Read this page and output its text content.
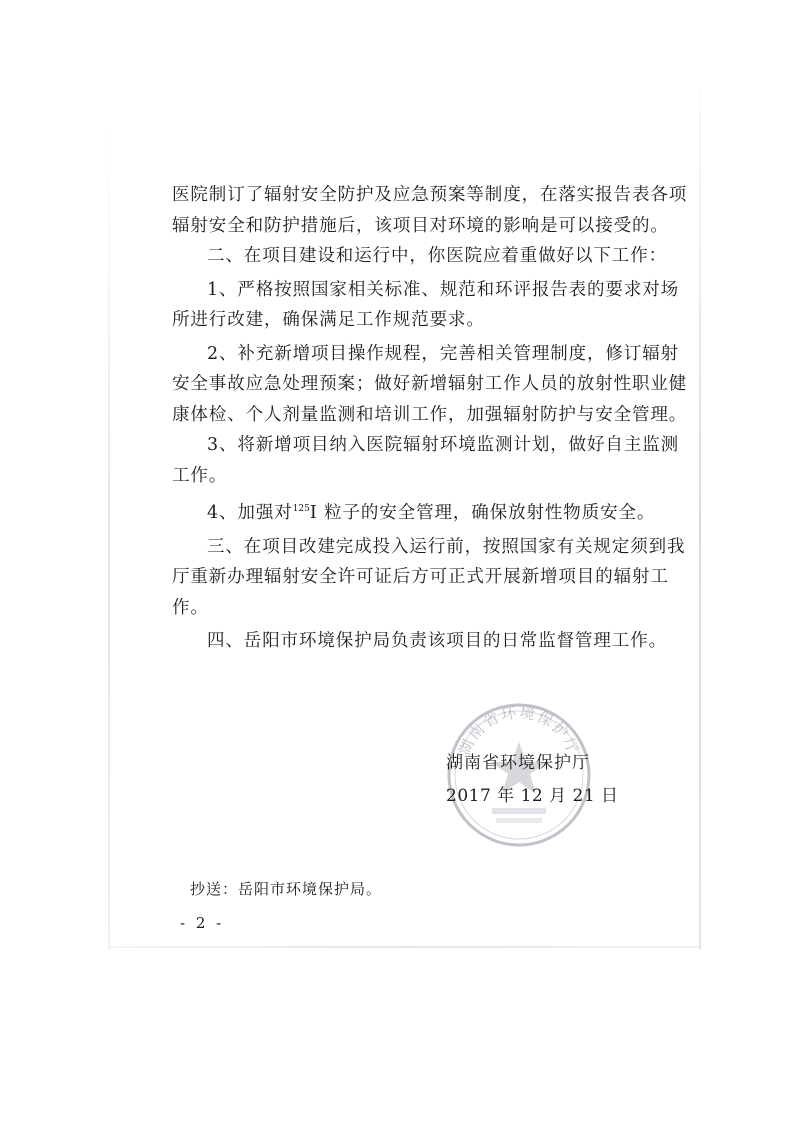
医院制订了辐射安全防护及应急预案等制度，在落实报告表各项
辐射安全和防护措施后，该项目对环境的影响是可以接受的。
二、在项目建设和运行中，你医院应着重做好以下工作：
1、严格按照国家相关标准、规范和环评报告表的要求对场
所进行改建，确保满足工作规范要求。
2、补充新增项目操作规程，完善相关管理制度，修订辐射
安全事故应急处理预案；做好新增辐射工作人员的放射性职业健
康体检、个人剂量监测和培训工作，加强辐射防护与安全管理。
3、将新增项目纳入医院辐射环境监测计划，做好自主监测
工作。
4、加强对$^{125}$I 粒子的安全管理，确保放射性物质安全。
三、在项目改建完成投入运行前，按照国家有关规定须到我
厅重新办理辐射安全许可证后方可正式开展新增项目的辐射工
作。
四、岳阳市环境保护局负责该项目的日常监督管理工作。
湖南省环境保护厅
湖南省环境保护厅
2017 年 12 月 21 日
抄送：岳阳市环境保护局。
- 2 -
